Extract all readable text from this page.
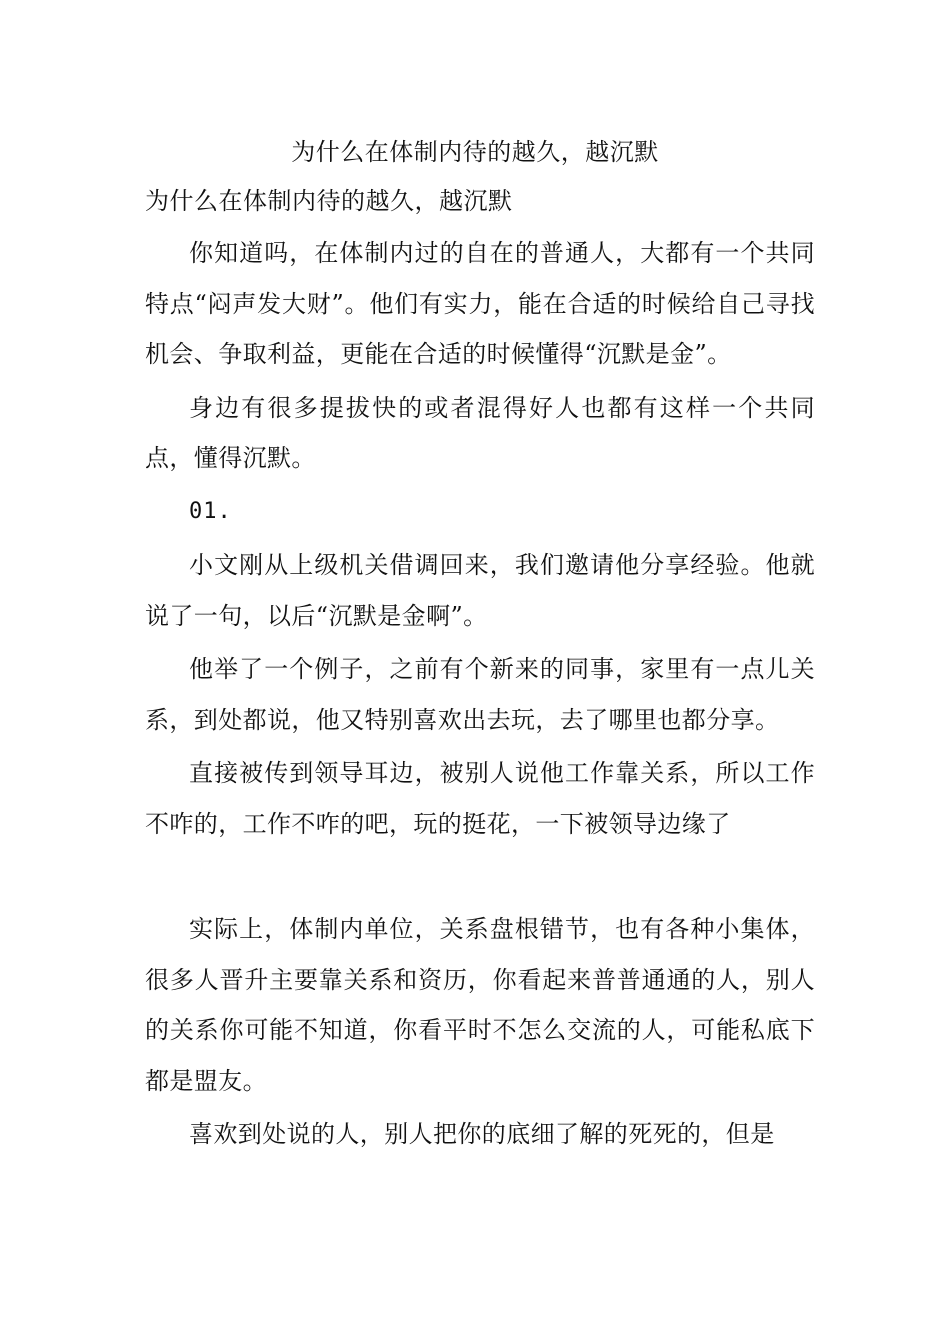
为什么在体制内待的越久，越沉默
为什么在体制内待的越久，越沉默

你知道吗，在体制内过的自在的普通人，大都有一个共同特点“闷声发大财”。他们有实力，能在合适的时候给自己寻找机会、争取利益，更能在合适的时候懂得“沉默是金”。

身边有很多提拔快的或者混得好人也都有这样一个共同点，懂得沉默。

01.

小文刚从上级机关借调回来，我们邀请他分享经验。他就说了一句，以后“沉默是金啊”。

他举了一个例子，之前有个新来的同事，家里有一点儿关系，到处都说，他又特别喜欢出去玩，去了哪里也都分享。

直接被传到领导耳边，被别人说他工作靠关系，所以工作不咋的，工作不咋的吧，玩的挺花，一下被领导边缘了

实际上，体制内单位，关系盘根错节，也有各种小集体，很多人晋升主要靠关系和资历，你看起来普普通通的人，别人的关系你可能不知道，你看平时不怎么交流的人，可能私底下都是盟友。

喜欢到处说的人，别人把你的底细了解的死死的，但是
